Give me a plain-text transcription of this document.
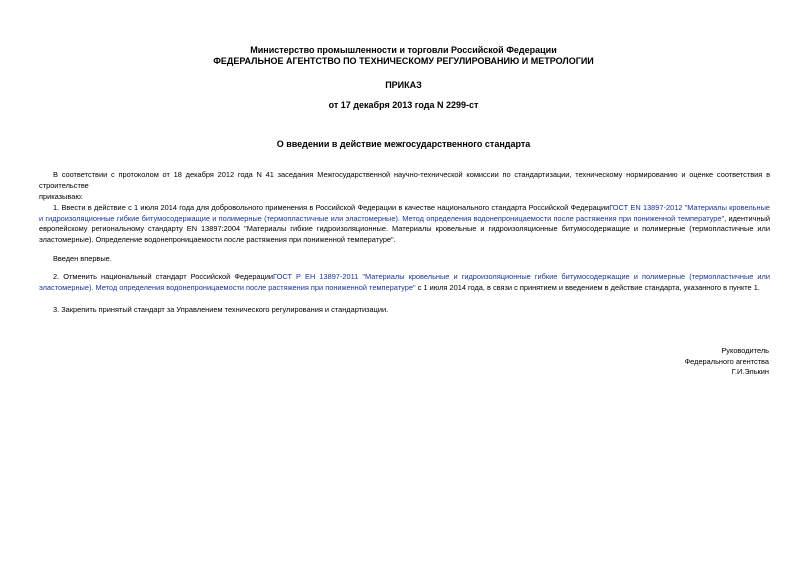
Министерство промышленности и торговли Российской Федерации
ФЕДЕРАЛЬНОЕ АГЕНТСТВО ПО ТЕХНИЧЕСКОМУ РЕГУЛИРОВАНИЮ И МЕТРОЛОГИИ
ПРИКАЗ
от 17 декабря 2013 года N 2299-ст
О введении в действие межгосударственного стандарта
В соответствии с протоколом от 18 декабря 2012 года N 41 заседания Межгосударственной научно-технической комиссии по стандартизации, техническому нормированию и оценке соответствия в строительстве
приказываю:
1. Ввести в действие с 1 июля 2014 года для добровольного применения в Российской Федерации в качестве национального стандарта Российской ФедерацииГОСТ EN 13897-2012 "Материалы кровельные и гидроизоляционные гибкие битумосодержащие и полимерные (термопластичные или эластомерные). Метод определения водонепроницаемости после растяжения при пониженной температуре", идентичный европейскому региональному стандарту EN 13897:2004 "Материалы гибкие гидроизоляционные. Материалы кровельные и гидроизоляционные битумосодержащие и полимерные (термопластичные или эластомерные). Определение водонепроницаемости после растяжения при пониженной температуре".
Введен впервые.
2. Отменить национальный стандарт Российской ФедерацииГОСТ Р ЕН 13897-2011 "Материалы кровельные и гидроизоляционные гибкие битумосодержащие и полимерные (термопластичные или эластомерные). Метод определения водонепроницаемости после растяжения при пониженной температуре" с 1 июля 2014 года, в связи с принятием и введением в действие стандарта, указанного в пункте 1.
3. Закрепить принятый стандарт за Управлением технического регулирования и стандартизации.
Руководитель
Федерального агентства
Г.И.Элькин
